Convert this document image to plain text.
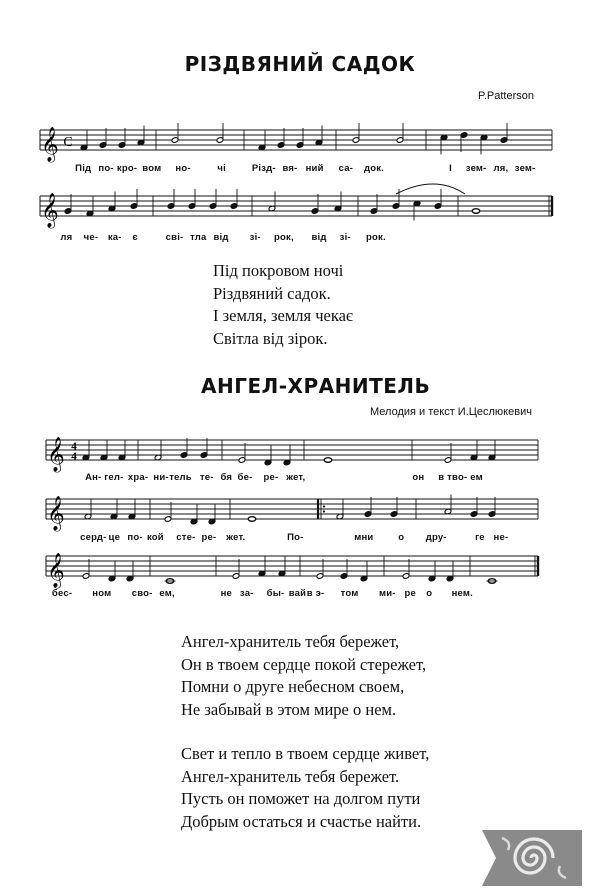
РІЗДВЯНИЙ САДОК
P.Patterson
𝄞 C
Під по- кро- вом но-	чі	Різд- вя- ний са- док.	І зем- ля, зем-
𝄞
ля че- ка- є	сві- тла від зі- рок, від зі- рок.
Під покровом ночі
Різдвяний садок.
І земля, земля чекає
Світла від зірок.
АНГЕЛ-ХРАНИТЕЛЬ
Мелодия и текст И.Цеслюкевич
𝄞 4
4
Ан- гел- хра- ни- тель те- бя бе- ре- жет,	он в тво- ем
𝄞
серд- це по- кой сте- ре- жет.	По-	мни	о дру-	ге не-
𝄞
бес- ном сво- ем,	не за- бы- вай в э- том ми- ре о нем.
Ангел-хранитель тебя бережет,
Он в твоем сердце покой стережет,
Помни о друге небесном своем,
Не забывай в этом мире о нем.
Свет и тепло в твоем сердце живет,
Ангел-хранитель тебя бережет.
Пусть он поможет на долгом пути
Добрым остаться и счастье найти.
